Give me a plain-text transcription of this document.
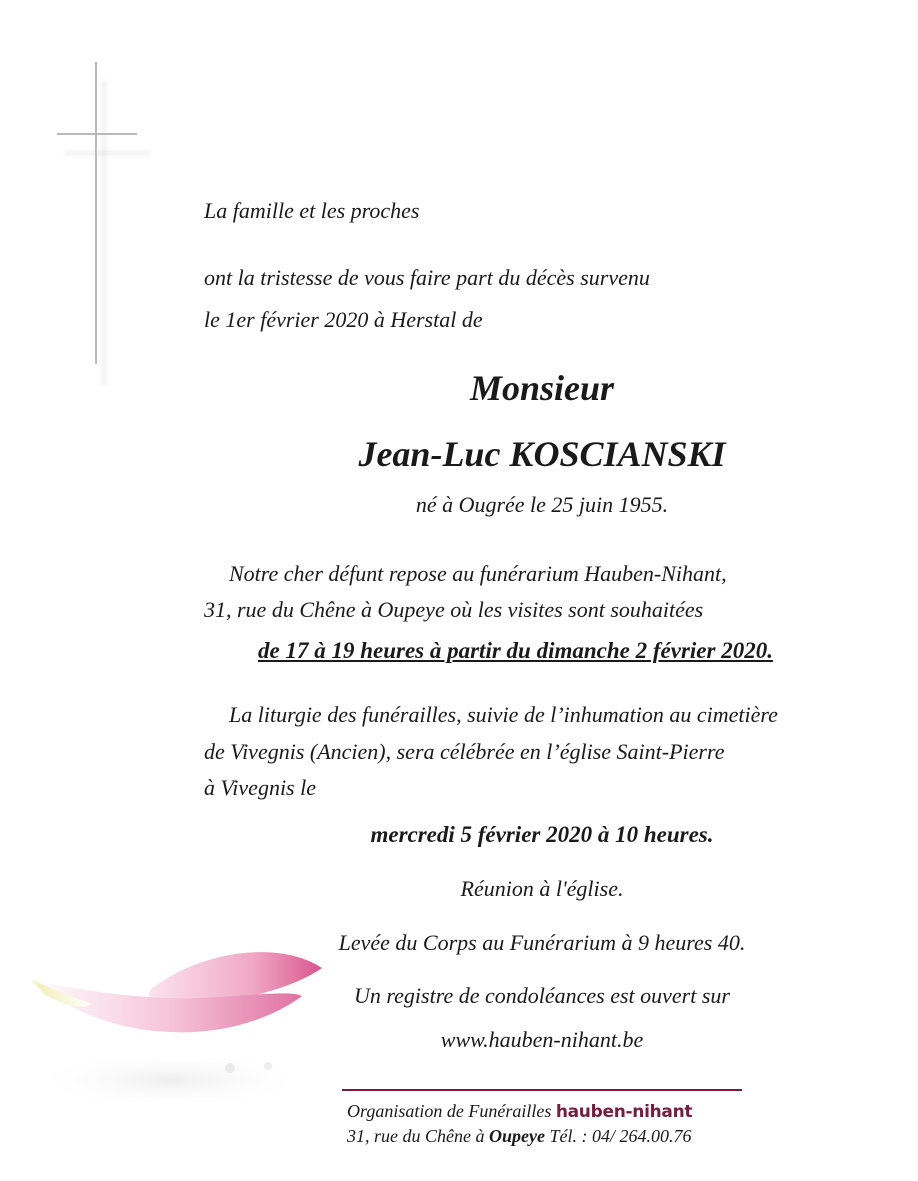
La famille et les proches
ont la tristesse de vous faire part du décès survenu
le 1er février 2020 à Herstal de
Monsieur
Jean-Luc KOSCIANSKI
né à Ougrée le 25 juin 1955.
Notre cher défunt repose au funérarium Hauben-Nihant,
31, rue du Chêne à Oupeye où les visites sont souhaitées
de 17 à 19 heures à partir du dimanche 2 février 2020.
La liturgie des funérailles, suivie de l’inhumation au cimetière
de Vivegnis (Ancien), sera célébrée en l’église Saint-Pierre
à Vivegnis le
mercredi 5 février 2020 à 10 heures.
Réunion à l'église.
Levée du Corps au Funérarium à 9 heures 40.
Un registre de condoléances est ouvert sur
www.hauben-nihant.be
Organisation de Funérailles hauben-nihant
31, rue du Chêne à Oupeye Tél. : 04/ 264.00.76
